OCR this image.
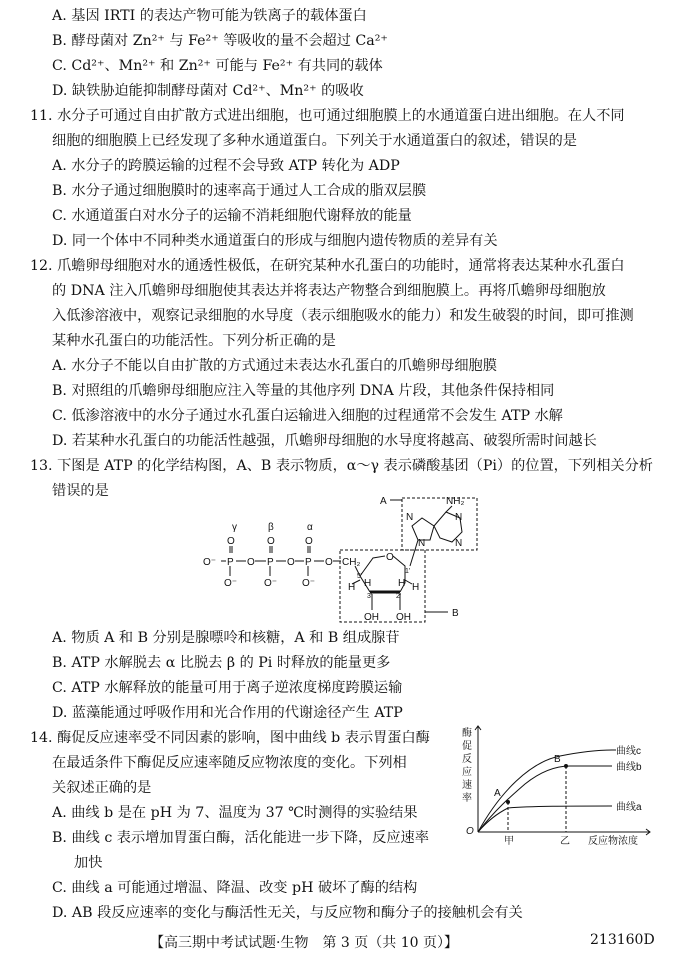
A. 基因 IRTI 的表达产物可能为铁离子的载体蛋白
B. 酵母菌对 Zn²⁺ 与 Fe²⁺ 等吸收的量不会超过 Ca²⁺
C. Cd²⁺、Mn²⁺ 和 Zn²⁺ 可能与 Fe²⁺ 有共同的载体
D. 缺铁胁迫能抑制酵母菌对 Cd²⁺、Mn²⁺ 的吸收
11. 水分子可通过自由扩散方式进出细胞，也可通过细胞膜上的水通道蛋白进出细胞。在人不同
细胞的细胞膜上已经发现了多种水通道蛋白。下列关于水通道蛋白的叙述，错误的是
A. 水分子的跨膜运输的过程不会导致 ATP 转化为 ADP
B. 水分子通过细胞膜时的速率高于通过人工合成的脂双层膜
C. 水通道蛋白对水分子的运输不消耗细胞代谢释放的能量
D. 同一个体中不同种类水通道蛋白的形成与细胞内遗传物质的差异有关
12. 爪蟾卵母细胞对水的通透性极低，在研究某种水孔蛋白的功能时，通常将表达某种水孔蛋白
的 DNA 注入爪蟾卵母细胞使其表达并将表达产物整合到细胞膜上。再将爪蟾卵母细胞放
入低渗溶液中，观察记录细胞的水导度（表示细胞吸水的能力）和发生破裂的时间，即可推测
某种水孔蛋白的功能活性。下列分析正确的是
A. 水分子不能以自由扩散的方式通过未表达水孔蛋白的爪蟾卵母细胞膜
B. 对照组的爪蟾卵母细胞应注入等量的其他序列 DNA 片段，其他条件保持相同
C. 低渗溶液中的水分子通过水孔蛋白运输进入细胞的过程通常不会发生 ATP 水解
D. 若某种水孔蛋白的功能活性越强，爪蟾卵母细胞的水导度将越高、破裂所需时间越长
13. 下图是 ATP 的化学结构图，A、B 表示物质，α～γ 表示磷酸基团（Pi）的位置，下列相关分析
错误的是
γ	β	α
O⁻ P
O
O⁻
O P
O
O⁻
O P
O
O⁻
O CH₂
5'
O
H H	H H
3'	2'
1'
OH OH
NH₂
N	N
N	N
A
B
A. 物质 A 和 B 分别是腺嘌呤和核糖，A 和 B 组成腺苷
B. ATP 水解脱去 α 比脱去 β 的 Pi 时释放的能量更多
C. ATP 水解释放的能量可用于离子逆浓度梯度跨膜运输
D. 蓝藻能通过呼吸作用和光合作用的代谢途径产生 ATP
14. 酶促反应速率受不同因素的影响，图中曲线 b 表示胃蛋白酶
在最适条件下酶促反应速率随反应物浓度的变化。下列相
关叙述正确的是
A. 曲线 b 是在 pH 为 7、温度为 37 ℃时测得的实验结果
B. 曲线 c 表示增加胃蛋白酶，活化能进一步下降，反应速率
加快
C. 曲线 a 可能通过增温、降温、改变 pH 破坏了酶的结构
D. AB 段反应速率的变化与酶活性无关，与反应物和酶分子的接触机会有关
酶
促
反
应
速
率
O
甲	乙 反应物浓度
A
B
曲线c
曲线b
曲线a
【高三期中考试试题·生物　第 3 页（共 10 页）】	213160D
